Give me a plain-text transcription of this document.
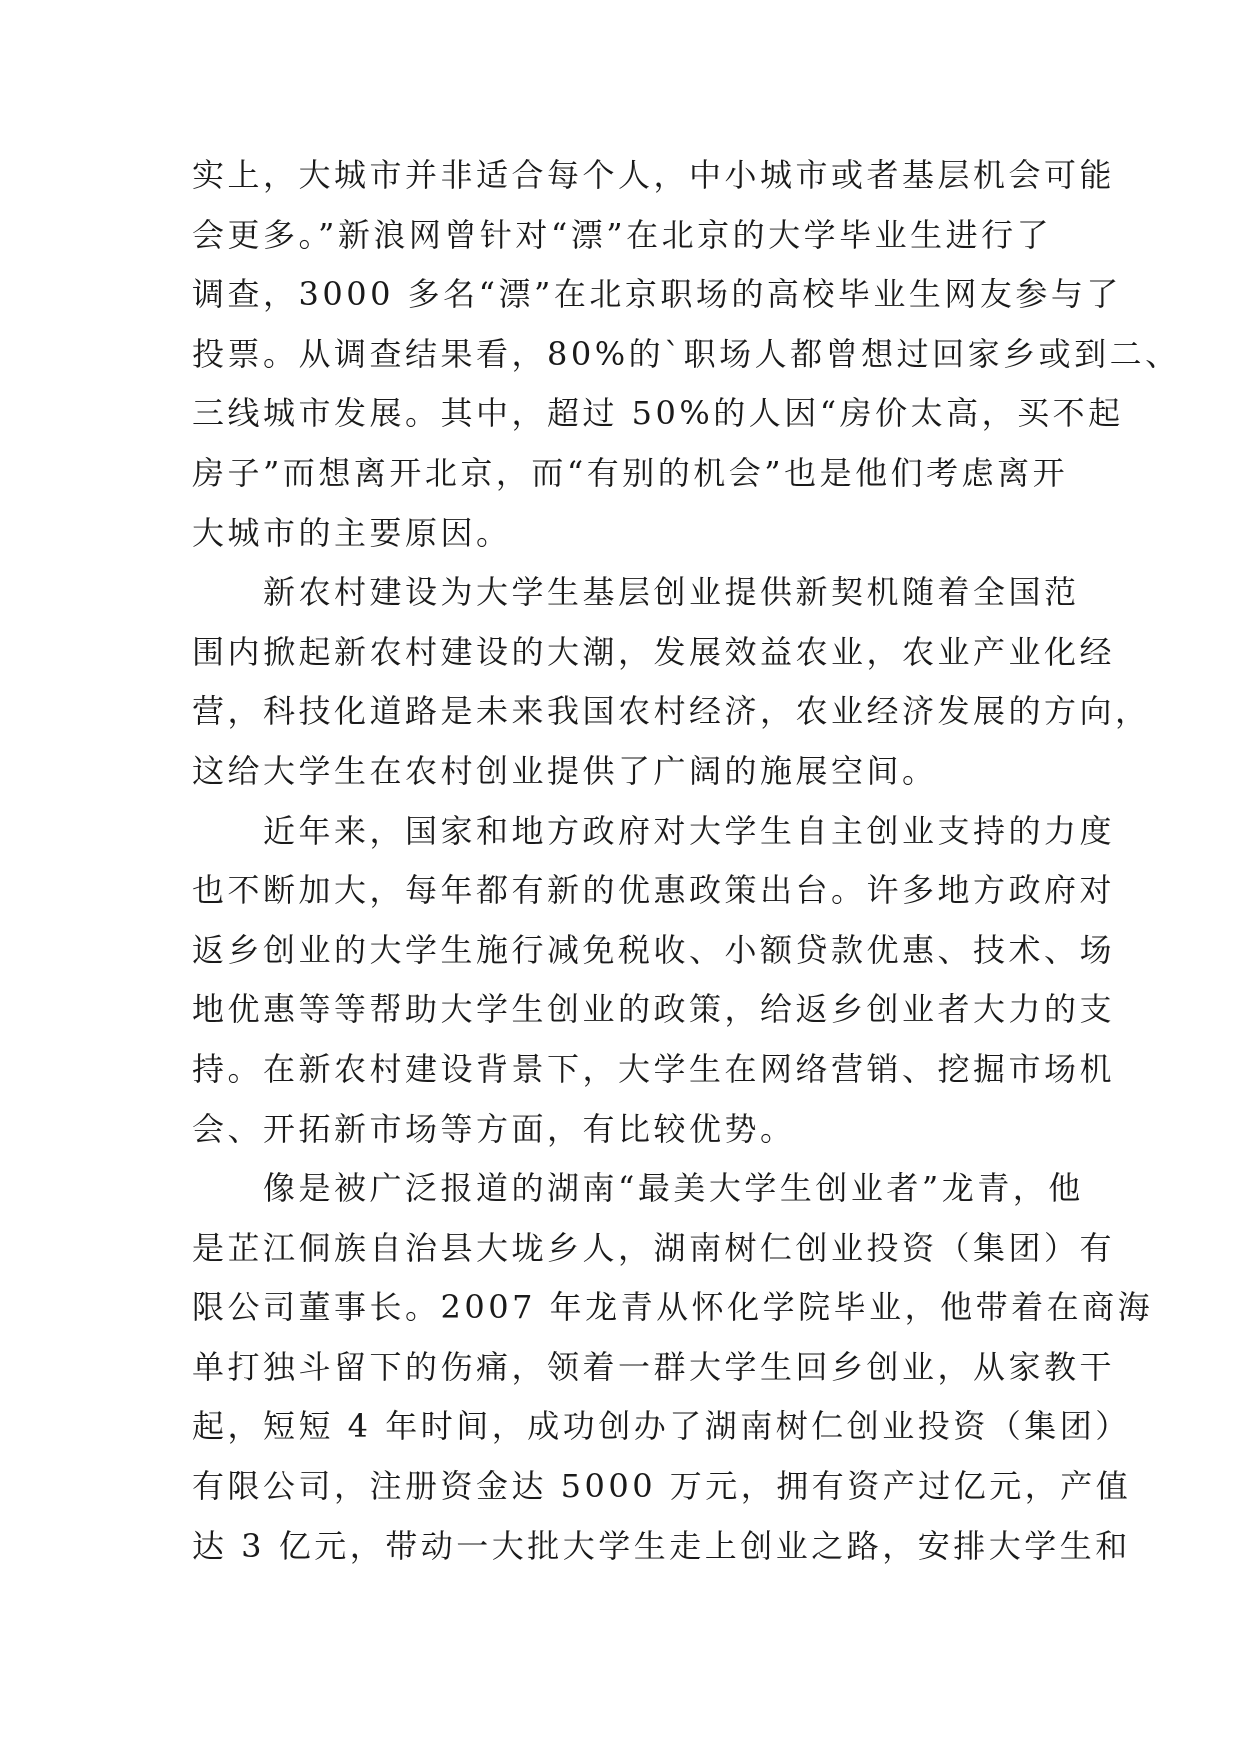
实上，大城市并非适合每个人，中小城市或者基层机会可能
会更多。”新浪网曾针对“漂”在北京的大学毕业生进行了
调查，3000 多名“漂”在北京职场的高校毕业生网友参与了
投票。从调查结果看，80%的`职场人都曾想过回家乡或到二、
三线城市发展。其中，超过 50%的人因“房价太高，买不起
房子”而想离开北京，而“有别的机会”也是他们考虑离开
大城市的主要原因。
　　新农村建设为大学生基层创业提供新契机随着全国范
围内掀起新农村建设的大潮，发展效益农业，农业产业化经
营，科技化道路是未来我国农村经济，农业经济发展的方向，
这给大学生在农村创业提供了广阔的施展空间。
　　近年来，国家和地方政府对大学生自主创业支持的力度
也不断加大，每年都有新的优惠政策出台。许多地方政府对
返乡创业的大学生施行减免税收、小额贷款优惠、技术、场
地优惠等等帮助大学生创业的政策，给返乡创业者大力的支
持。在新农村建设背景下，大学生在网络营销、挖掘市场机
会、开拓新市场等方面，有比较优势。
　　像是被广泛报道的湖南“最美大学生创业者”龙青，他
是芷江侗族自治县大垅乡人，湖南树仁创业投资（集团）有
限公司董事长。2007 年龙青从怀化学院毕业，他带着在商海
单打独斗留下的伤痛，领着一群大学生回乡创业，从家教干
起，短短 4 年时间，成功创办了湖南树仁创业投资（集团）
有限公司，注册资金达 5000 万元，拥有资产过亿元，产值
达 3 亿元，带动一大批大学生走上创业之路，安排大学生和
